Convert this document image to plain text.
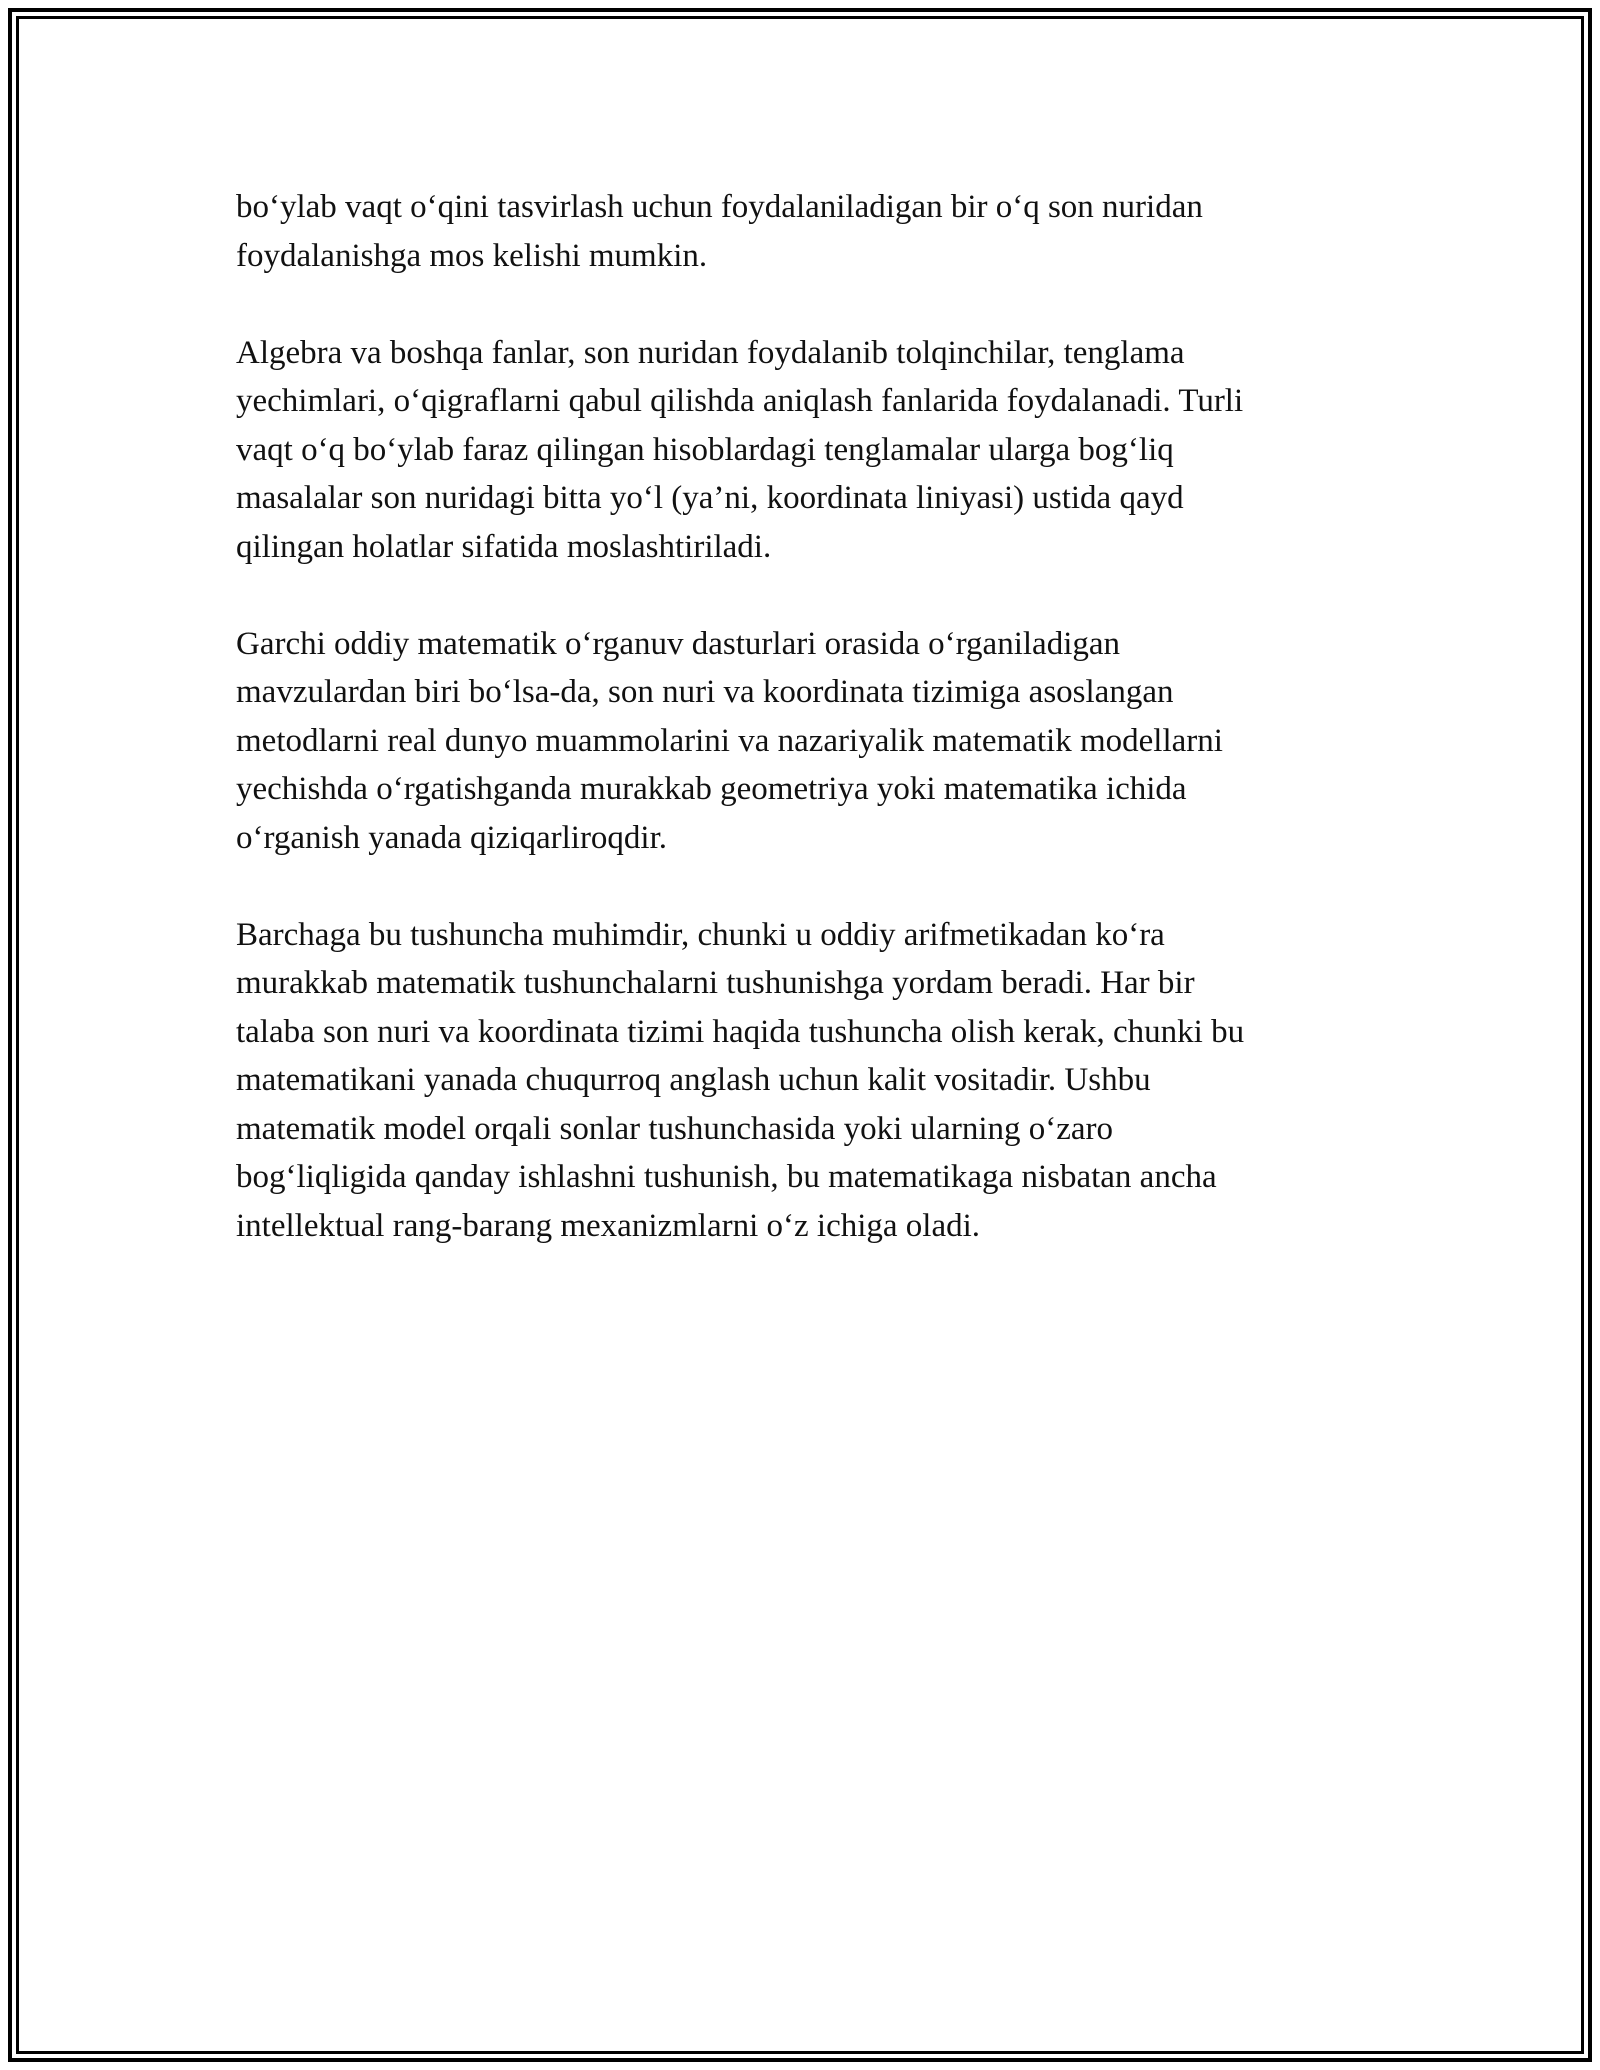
bo‘ylab vaqt o‘qini tasvirlash uchun foydalaniladigan bir o‘q son nuridan
foydalanishga mos kelishi mumkin.

Algebra va boshqa fanlar, son nuridan foydalanib tolqinchilar, tenglama
yechimlari, o‘qigraflarni qabul qilishda aniqlash fanlarida foydalanadi. Turli
vaqt o‘q bo‘ylab faraz qilingan hisoblardagi tenglamalar ularga bog‘liq
masalalar son nuridagi bitta yo‘l (ya’ni, koordinata liniyasi) ustida qayd
qilingan holatlar sifatida moslashtiriladi.

Garchi oddiy matematik o‘rganuv dasturlari orasida o‘rganiladigan
mavzulardan biri bo‘lsa-da, son nuri va koordinata tizimiga asoslangan
metodlarni real dunyo muammolarini va nazariyalik matematik modellarni
yechishda o‘rgatishganda murakkab geometriya yoki matematika ichida
o‘rganish yanada qiziqarliroqdir.

Barchaga bu tushuncha muhimdir, chunki u oddiy arifmetikadan ko‘ra
murakkab matematik tushunchalarni tushunishga yordam beradi. Har bir
talaba son nuri va koordinata tizimi haqida tushuncha olish kerak, chunki bu
matematikani yanada chuqurroq anglash uchun kalit vositadir. Ushbu
matematik model orqali sonlar tushunchasida yoki ularning o‘zaro
bog‘liqligida qanday ishlashni tushunish, bu matematikaga nisbatan ancha
intellektual rang-barang mexanizmlarni o‘z ichiga oladi.
